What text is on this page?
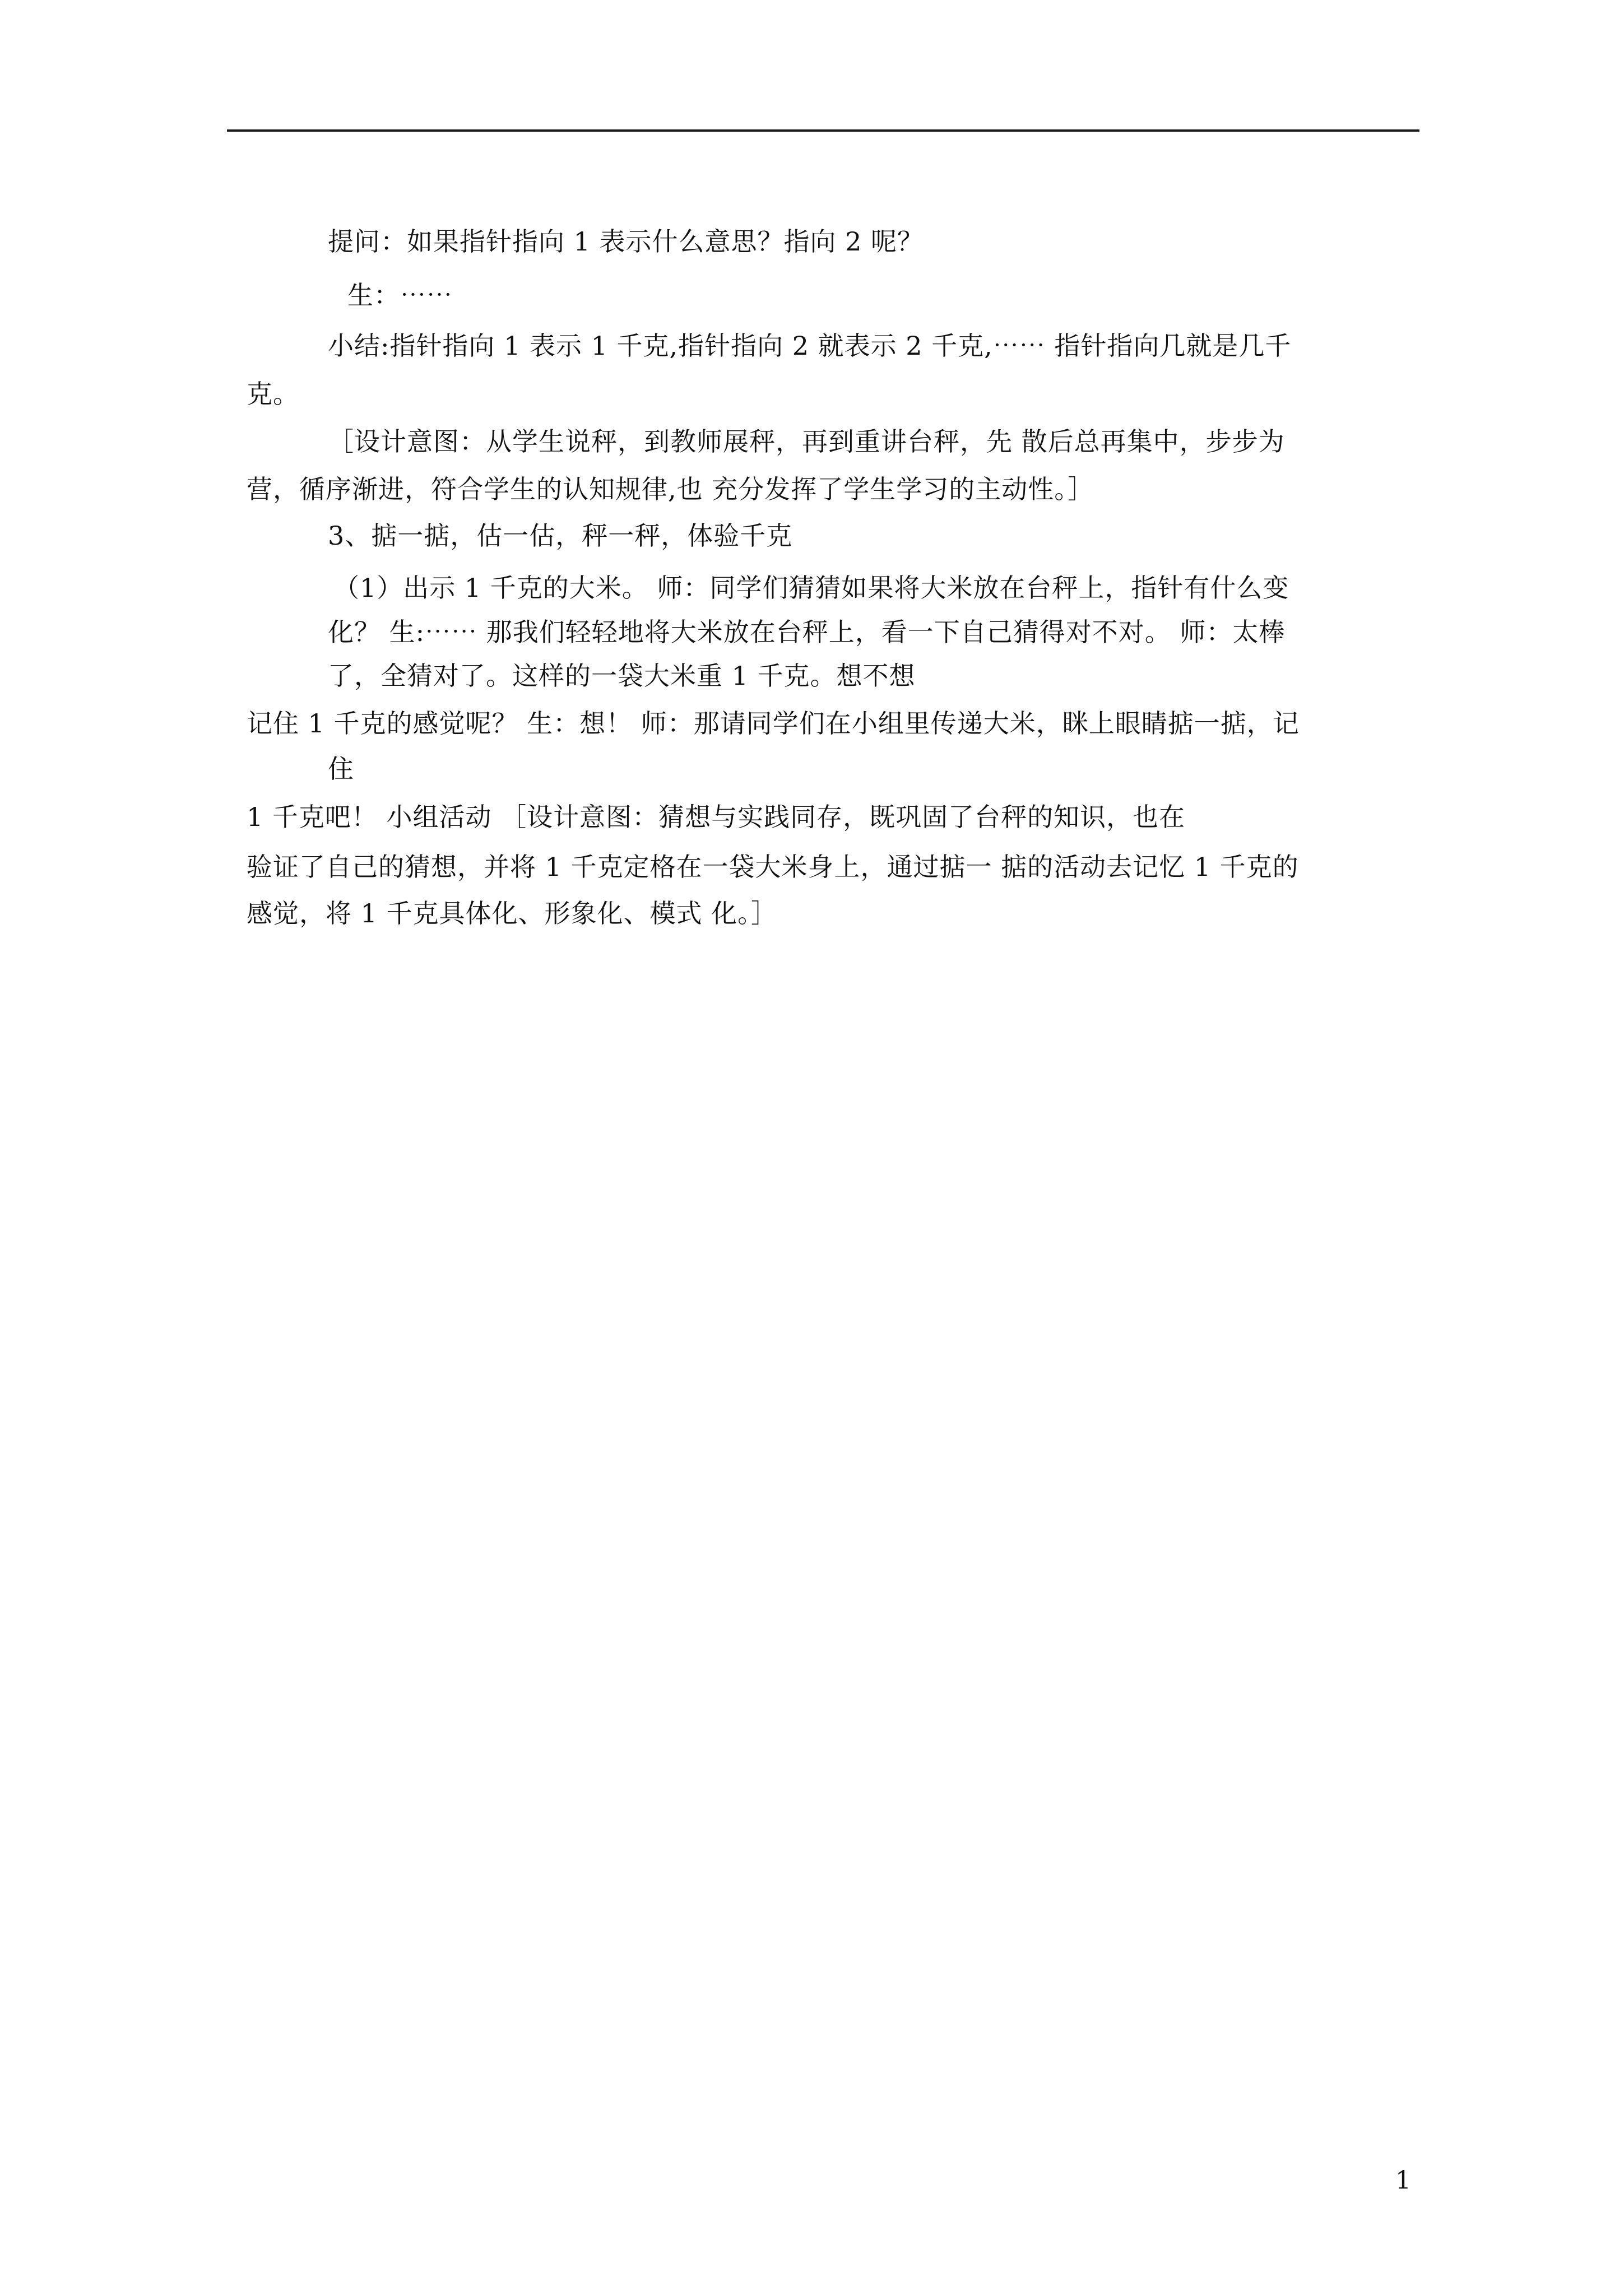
提问：如果指针指向 1 表示什么意思？指向 2 呢？
生：⋯⋯
小结:指针指向 1 表示 1 千克,指针指向 2 就表示 2 千克,⋯⋯ 指针指向几就是几千
克。
［设计意图：从学生说秤，到教师展秤，再到重讲台秤，先 散后总再集中，步步为
营，循序渐进，符合学生的认知规律,也 充分发挥了学生学习的主动性。］
3、掂一掂，估一估，秤一秤，体验千克
（1）出示 1 千克的大米。 师：同学们猜猜如果将大米放在台秤上，指针有什么变
化？ 生:⋯⋯ 那我们轻轻地将大米放在台秤上，看一下自己猜得对不对。 师：太棒
了，全猜对了。这样的一袋大米重 1 千克。想不想
记住 1 千克的感觉呢？ 生：想！ 师：那请同学们在小组里传递大米，眯上眼睛掂一掂，记
住
1 千克吧！ 小组活动 ［设计意图：猜想与实践同存，既巩固了台秤的知识，也在
验证了自己的猜想，并将 1 千克定格在一袋大米身上，通过掂一 掂的活动去记忆 1 千克的
感觉，将 1 千克具体化、形象化、模式 化。］
1
